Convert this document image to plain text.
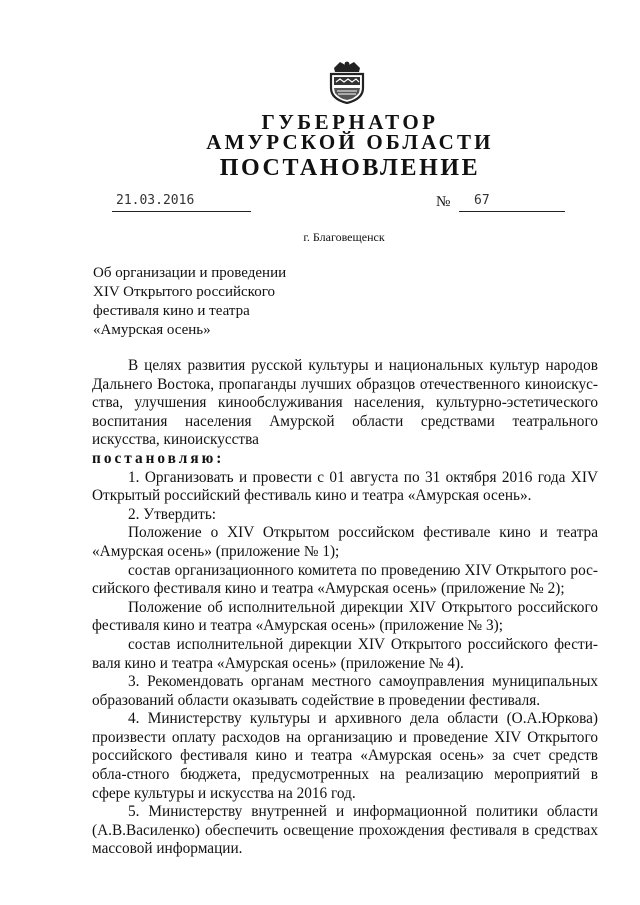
ГУБЕРНАТОР
АМУРСКОЙ ОБЛАСТИ
ПОСТАНОВЛЕНИЕ
21.03.2016	№ 67
г. Благовещенск
Об организации и проведении
XIV Открытого российского
фестиваля кино и театра
«Амурская осень»

В целях развития русской культуры и национальных культур народов Дальнего Востока, пропаганды лучших образцов отечественного киноискус-ства, улучшения кинообслуживания населения, культурно-эстетического воспитания населения Амурской области средствами театрального искусства, киноискусства

постановляю:

1. Организовать и провести с 01 августа по 31 октября 2016 года XIV Открытый российский фестиваль кино и театра «Амурская осень».

2. Утвердить:

Положение о XIV Открытом российском фестивале кино и театра «Амурская осень» (приложение № 1);

состав организационного комитета по проведению XIV Открытого рос-сийского фестиваля кино и театра «Амурская осень» (приложение № 2);

Положение об исполнительной дирекции XIV Открытого российского фестиваля кино и театра «Амурская осень» (приложение № 3);

состав исполнительной дирекции XIV Открытого российского фести-валя кино и театра «Амурская осень» (приложение № 4).

3. Рекомендовать органам местного самоуправления муниципальных образований области оказывать содействие в проведении фестиваля.

4. Министерству культуры и архивного дела области (О.А.Юркова) произвести оплату расходов на организацию и проведение XIV Открытого российского фестиваля кино и театра «Амурская осень» за счет средств обла-стного бюджета, предусмотренных на реализацию мероприятий в сфере культуры и искусства на 2016 год.

5. Министерству внутренней и информационной политики области (А.В.Василенко) обеспечить освещение прохождения фестиваля в средствах массовой информации.
